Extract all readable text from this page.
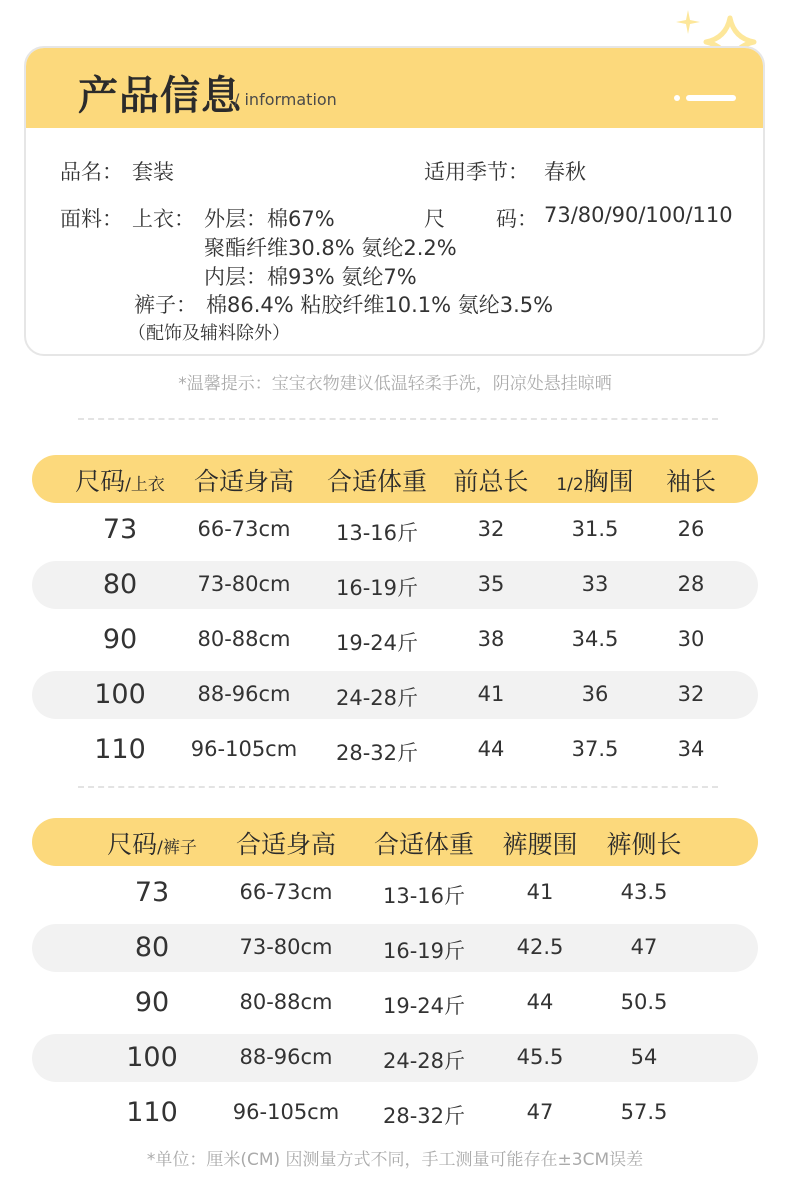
产品信息
/ information
品名： 套装	适用季节： 春秋
面料： 上衣： 外层：棉67%
聚酯纤维30.8% 氨纶2.2%
内层：棉93% 氨纶7%
裤子： 棉86.4% 粘胶纤维10.1% 氨纶3.5%
（配饰及辅料除外）
尺 码： 73/80/90/100/110
*温馨提示：宝宝衣物建议低温轻柔手洗，阴凉处悬挂晾晒
尺码/上衣 合适身高 合适体重 前总长 1/2胸围 袖长
73	66-73cm 13-16斤	32	31.5	26
80	73-80cm 16-19斤	35	33	28
90	80-88cm 19-24斤	38	34.5	30
100 88-96cm 24-28斤	41	36	32
110 96-105cm 28-32斤	44	37.5	34
尺码/裤子 合适身高 合适体重 裤腰围 裤侧长
73	66-73cm 13-16斤	41	43.5
80	73-80cm 16-19斤 42.5	47
90	80-88cm 19-24斤	44	50.5
100	88-96cm 24-28斤 45.5	54
110	96-105cm 28-32斤	47	57.5
*单位：厘米(CM) 因测量方式不同，手工测量可能存在±3CM误差
